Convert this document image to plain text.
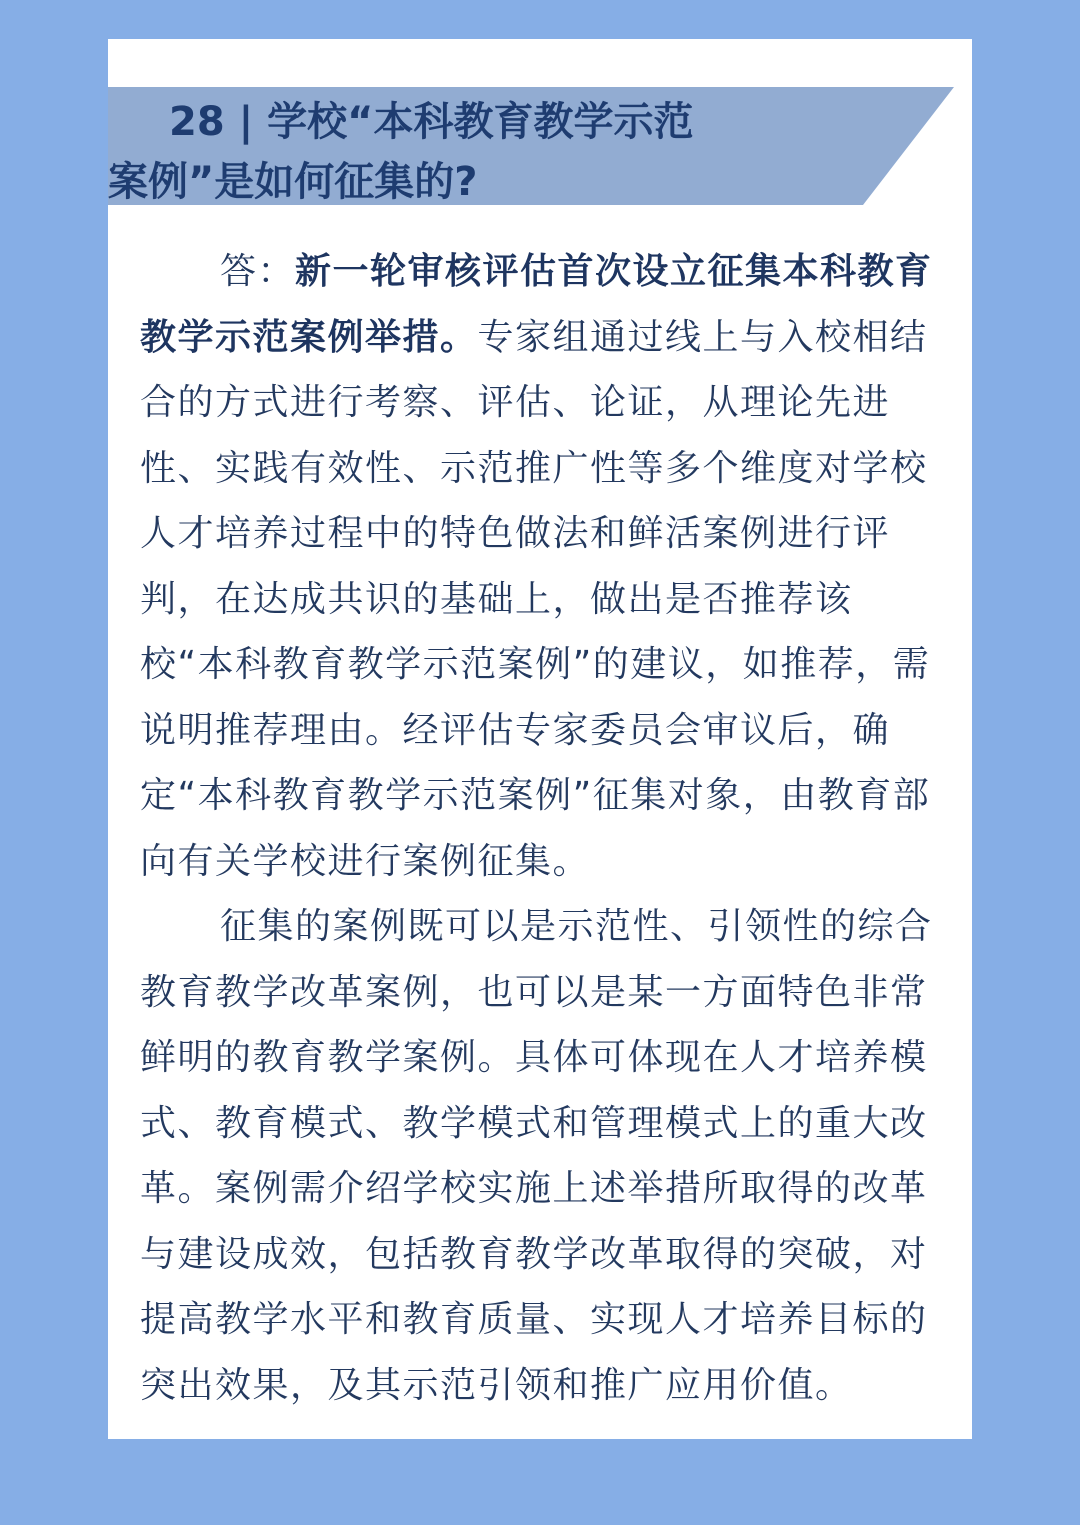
28 | 学校“本科教育教学示范
案例”是如何征集的?

答：新一轮审核评估首次设立征集本科教育教学示范案例举措。专家组通过线上与入校相结合的方式进行考察、评估、论证，从理论先进性、实践有效性、示范推广性等多个维度对学校人才培养过程中的特色做法和鲜活案例进行评判，在达成共识的基础上，做出是否推荐该校“本科教育教学示范案例”的建议，如推荐，需说明推荐理由。经评估专家委员会审议后，确定“本科教育教学示范案例”征集对象，由教育部向有关学校进行案例征集。

征集的案例既可以是示范性、引领性的综合教育教学改革案例，也可以是某一方面特色非常鲜明的教育教学案例。具体可体现在人才培养模式、教育模式、教学模式和管理模式上的重大改革。案例需介绍学校实施上述举措所取得的改革与建设成效，包括教育教学改革取得的突破，对提高教学水平和教育质量、实现人才培养目标的突出效果，及其示范引领和推广应用价值。
